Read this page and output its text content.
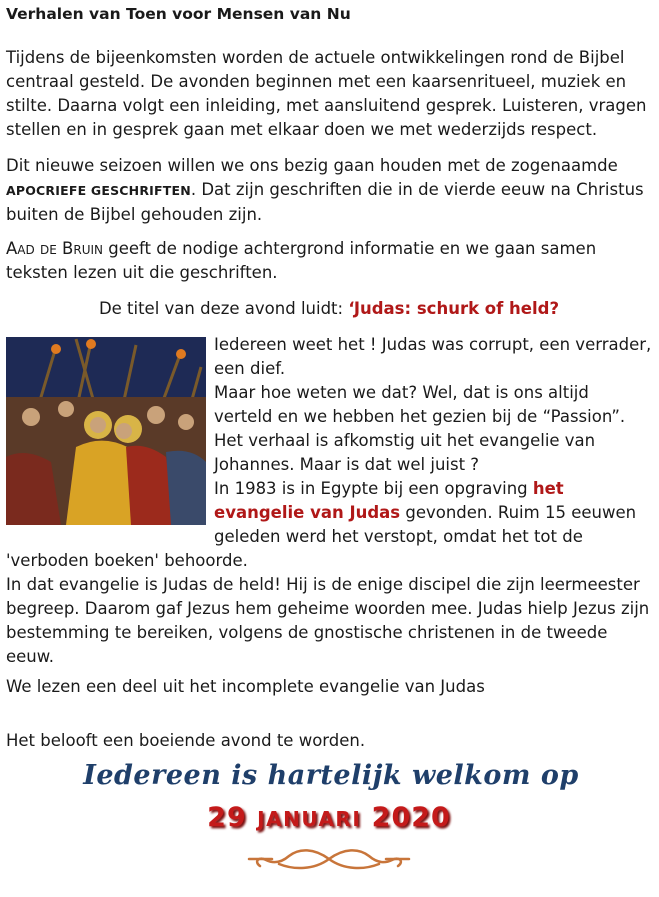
Verhalen van Toen voor Mensen van Nu

Tijdens de bijeenkomsten worden de actuele ontwikkelingen rond de Bijbel centraal gesteld. De avonden beginnen met een kaarsenritueel, muziek en stilte. Daarna volgt een inleiding, met aansluitend gesprek. Luisteren, vragen stellen en in gesprek gaan met elkaar doen we met wederzijds respect.

Dit nieuwe seizoen willen we ons bezig gaan houden met de zogenaamde APOCRIEFE GESCHRIFTEN. Dat zijn geschriften die in de vierde eeuw na Christus buiten de Bijbel gehouden zijn.

Aad de Bruin geeft de nodige achtergrond informatie en we gaan samen teksten lezen uit die geschriften.

De titel van deze avond luidt: ‘Judas: schurk of held?

Iedereen weet het ! Judas was corrupt, een verrader, een dief.
Maar hoe weten we dat? Wel, dat is ons altijd verteld en we hebben het gezien bij de “Passion”.
Het verhaal is afkomstig uit het evangelie van Johannes. Maar is dat wel juist ?
In 1983 is in Egypte bij een opgraving het evangelie van Judas gevonden. Ruim 15 eeuwen geleden werd het verstopt, omdat het tot de 'verboden boeken' behoorde.
In dat evangelie is Judas de held! Hij is de enige discipel die zijn leermeester begreep. Daarom gaf Jezus hem geheime woorden mee. Judas hielp Jezus zijn bestemming te bereiken, volgens de gnostische christenen in de tweede eeuw.

We lezen een deel uit het incomplete evangelie van Judas

Het belooft een boeiende avond te worden.

Iedereen is hartelijk welkom op
29 JANUARI 2020
